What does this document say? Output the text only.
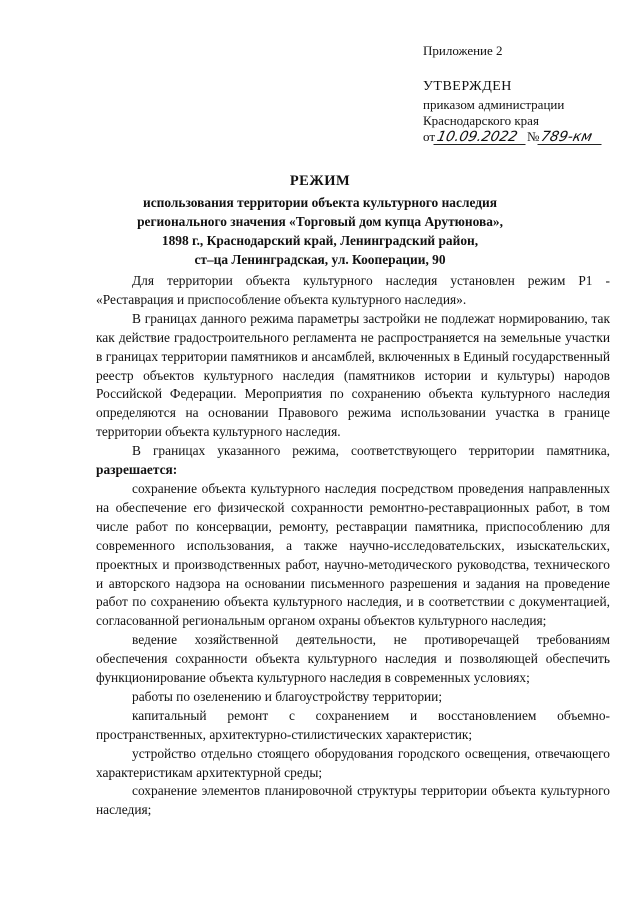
Приложение 2
УТВЕРЖДЕН
приказом администрации
Краснодарского края
от10.09.2022 №789-км
РЕЖИМ
использования территории объекта культурного наследия
регионального значения «Торговый дом купца Арутюнова»,
1898 г., Краснодарский край, Ленинградский район,
ст–ца Ленинградская, ул. Кооперации, 90

Для территории объекта культурного наследия установлен режим Р1 - «Реставрация и приспособление объекта культурного наследия».

В границах данного режима параметры застройки не подлежат нормированию, так как действие градостроительного регламента не распространяется на земельные участки в границах территории памятников и ансамблей, включенных в Единый государственный реестр объектов культурного наследия (памятников истории и культуры) народов Российской Федерации. Мероприятия по сохранению объекта культурного наследия определяются на основании Правового режима использовании участка в границе территории объекта культурного наследия.

В границах указанного режима, соответствующего территории памятника, разрешается:

сохранение объекта культурного наследия посредством проведения направленных на обеспечение его физической сохранности ремонтно-реставрационных работ, в том числе работ по консервации, ремонту, реставрации памятника, приспособлению для современного использования, а также научно-исследовательских, изыскательских, проектных и производственных работ, научно-методического руководства, технического и авторского надзора на основании письменного разрешения и задания на проведение работ по сохранению объекта культурного наследия, и в соответствии с документацией, согласованной региональным органом охраны объектов культурного наследия;

ведение хозяйственной деятельности, не противоречащей требованиям обеспечения сохранности объекта культурного наследия и позволяющей обеспечить функционирование объекта культурного наследия в современных условиях;

работы по озеленению и благоустройству территории;

капитальный ремонт с сохранением и восстановлением объемно-пространственных, архитектурно-стилистических характеристик;

устройство отдельно стоящего оборудования городского освещения, отвечающего характеристикам архитектурной среды;

сохранение элементов планировочной структуры территории объекта культурного наследия;
